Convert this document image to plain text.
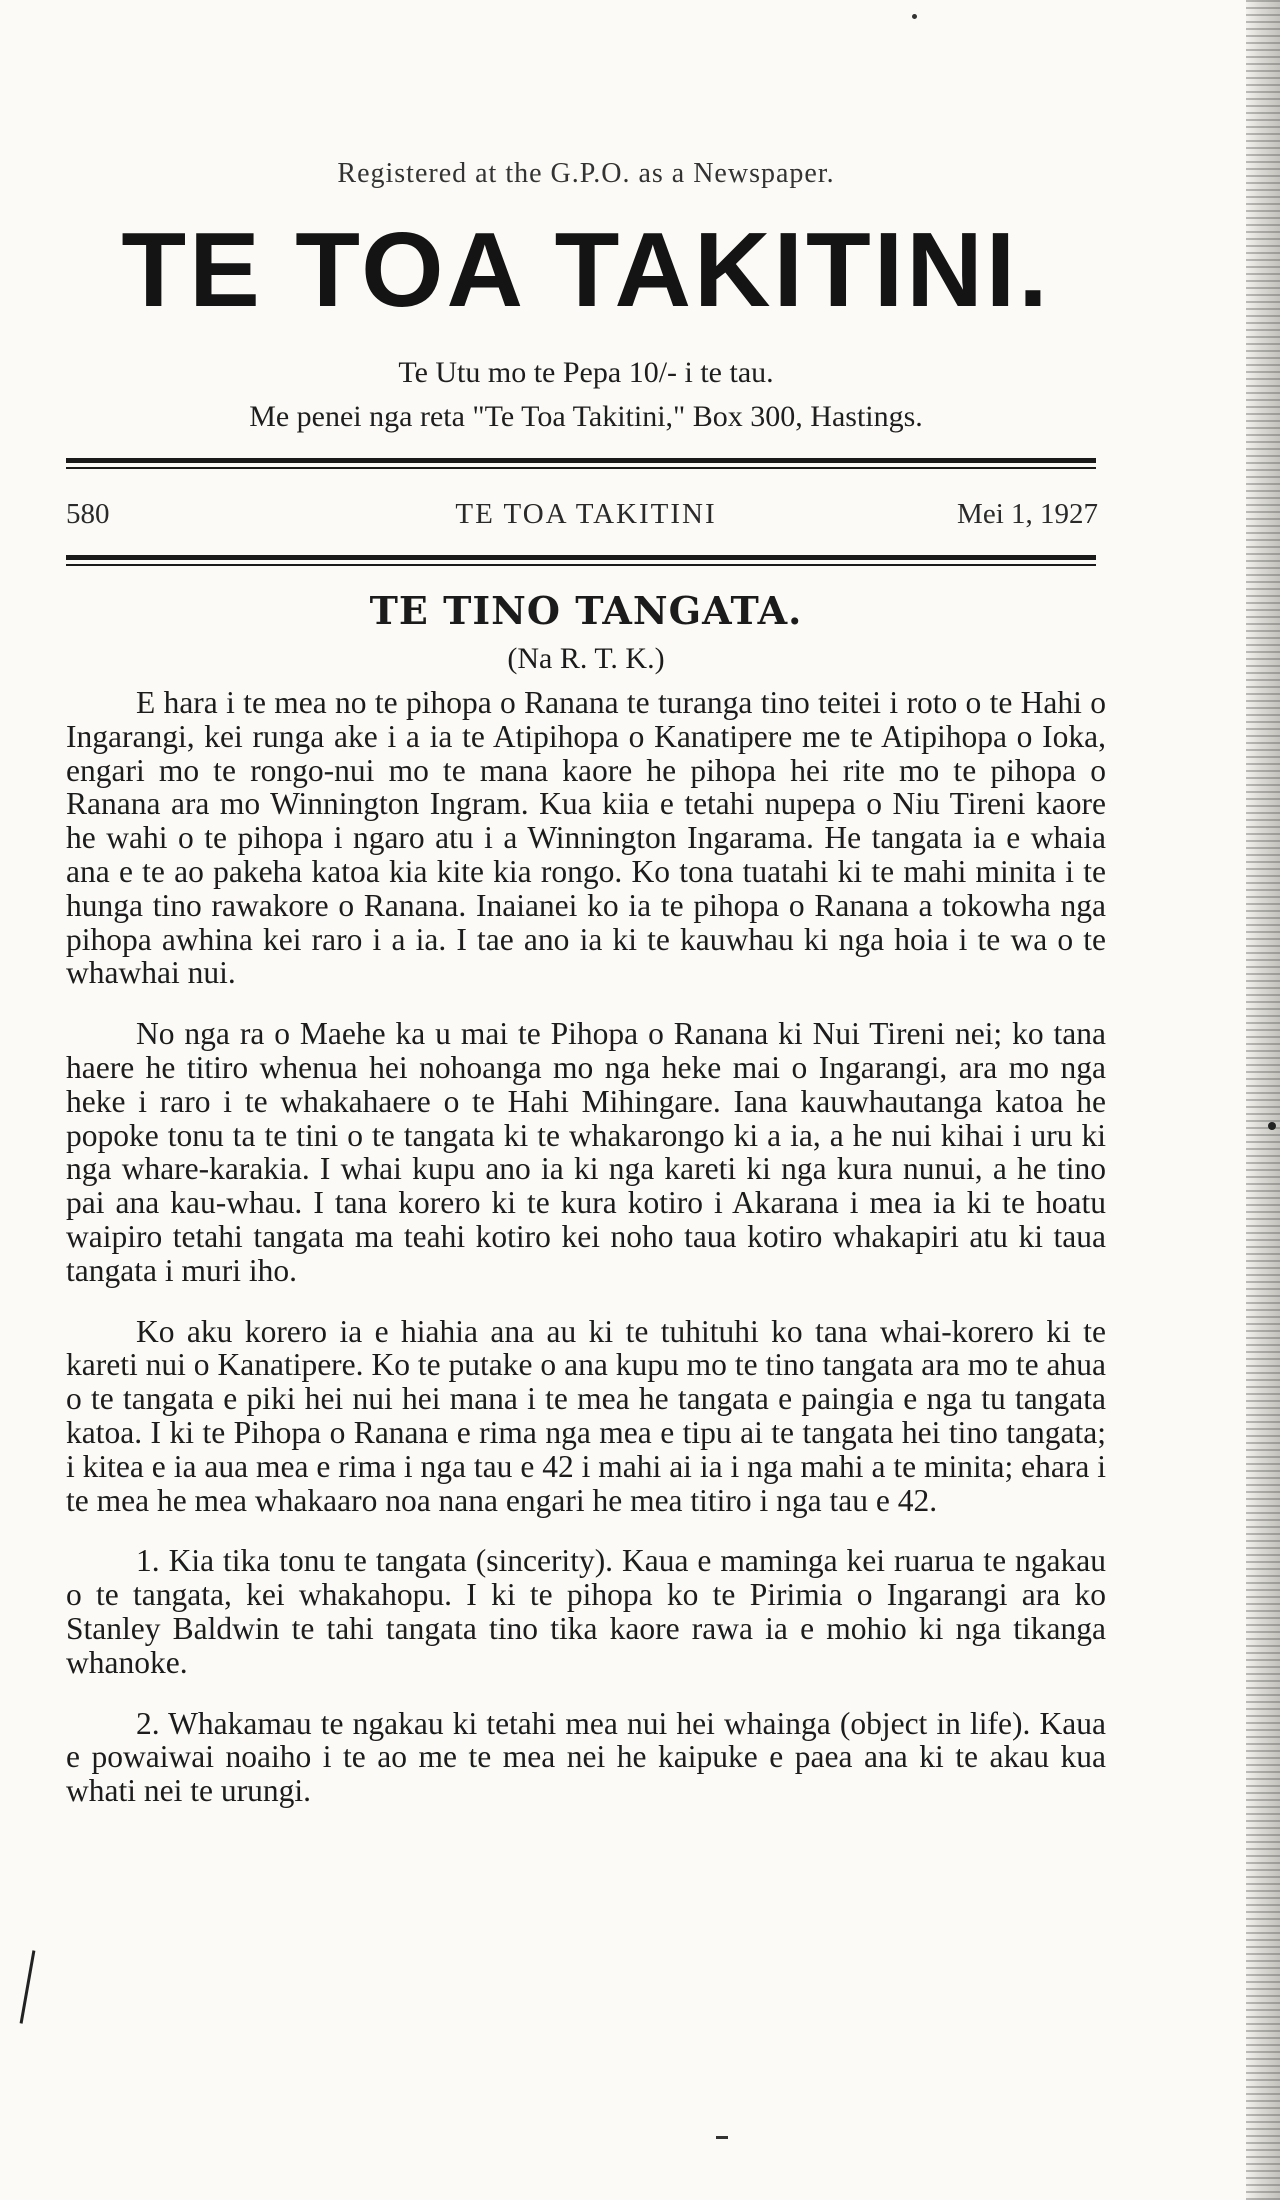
Registered at the G.P.O. as a Newspaper.
TE TOA TAKITINI.
Te Utu mo te Pepa 10/- i te tau.
Me penei nga reta "Te Toa Takitini," Box 300, Hastings.
580	TE TOA TAKITINI	Mei 1, 1927
TE TINO TANGATA.
(Na R. T. K.)

E hara i te mea no te pihopa o Ranana te turanga tino teitei i roto o te Hahi o Ingarangi, kei runga ake i a ia te Atipihopa o Kanatipere me te Atipihopa o Ioka, engari mo te rongo-nui mo te mana kaore he pihopa hei rite mo te pihopa o Ranana ara mo Winnington Ingram. Kua kiia e tetahi nupepa o Niu Tireni kaore he wahi o te pihopa i ngaro atu i a Winnington Ingarama. He tangata ia e whaia ana e te ao pakeha katoa kia kite kia rongo. Ko tona tuatahi ki te mahi minita i te hunga tino rawakore o Ranana. Inaianei ko ia te pihopa o Ranana a tokowha nga pihopa awhina kei raro i a ia. I tae ano ia ki te kauwhau ki nga hoia i te wa o te whawhai nui.

No nga ra o Maehe ka u mai te Pihopa o Ranana ki Nui Tireni nei; ko tana haere he titiro whenua hei nohoanga mo nga heke mai o Ingarangi, ara mo nga heke i raro i te whakahaere o te Hahi Mihingare. Iana kauwhautanga katoa he popoke tonu ta te tini o te tangata ki te whakarongo ki a ia, a he nui kihai i uru ki nga whare-karakia. I whai kupu ano ia ki nga kareti ki nga kura nunui, a he tino pai ana kau-whau. I tana korero ki te kura kotiro i Akarana i mea ia ki te hoatu waipiro tetahi tangata ma teahi kotiro kei noho taua kotiro whakapiri atu ki taua tangata i muri iho.

Ko aku korero ia e hiahia ana au ki te tuhituhi ko tana whai-korero ki te kareti nui o Kanatipere. Ko te putake o ana kupu mo te tino tangata ara mo te ahua o te tangata e piki hei nui hei mana i te mea he tangata e paingia e nga tu tangata katoa. I ki te Pihopa o Ranana e rima nga mea e tipu ai te tangata hei tino tangata; i kitea e ia aua mea e rima i nga tau e 42 i mahi ai ia i nga mahi a te minita; ehara i te mea he mea whakaaro noa nana engari he mea titiro i nga tau e 42.

1. Kia tika tonu te tangata (sincerity). Kaua e maminga kei ruarua te ngakau o te tangata, kei whakahopu. I ki te pihopa ko te Pirimia o Ingarangi ara ko Stanley Baldwin te tahi tangata tino tika kaore rawa ia e mohio ki nga tikanga whanoke.

2. Whakamau te ngakau ki tetahi mea nui hei whainga (object in life). Kaua e powaiwai noaiho i te ao me te mea nei he kaipuke e paea ana ki te akau kua whati nei te urungi.
